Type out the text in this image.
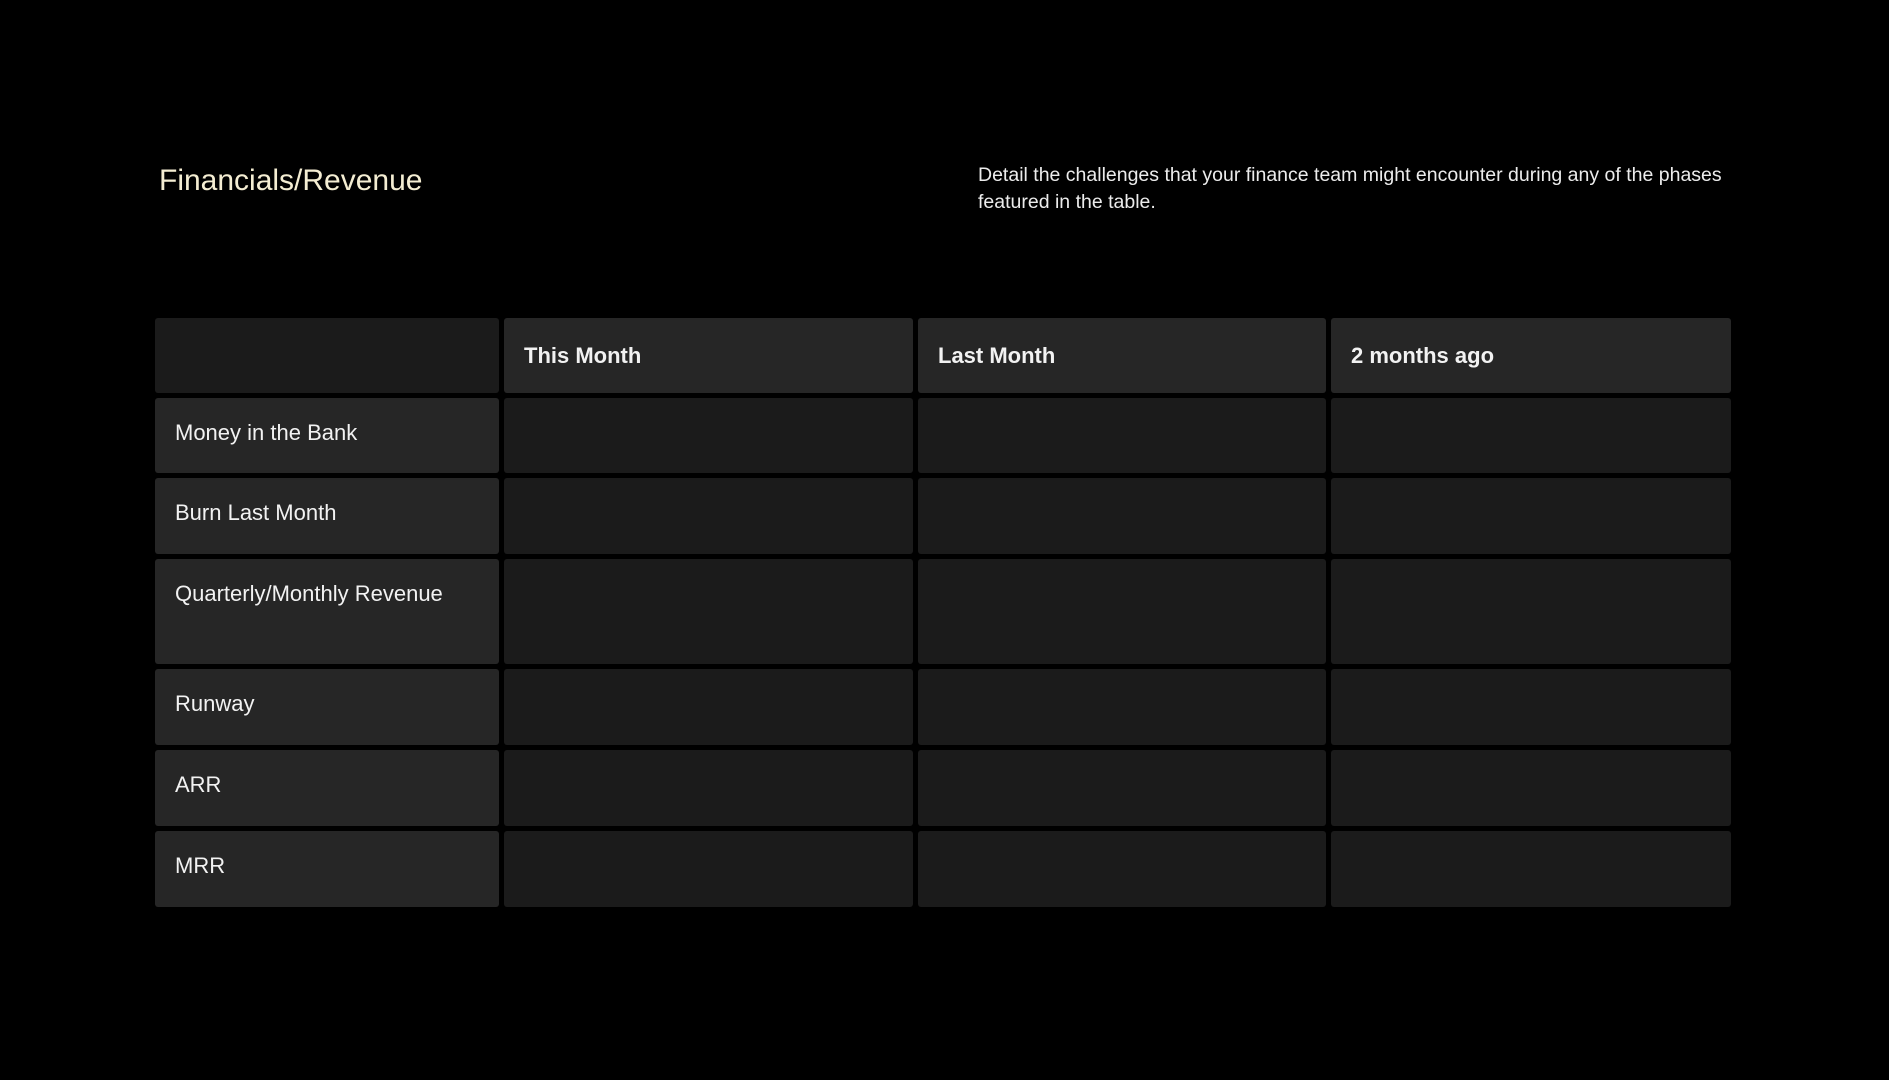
Financials/Revenue	Detail the challenges that your finance team might encounter during any of the phases featured in the table.
This Month	Last Month	2 months ago
Money in the Bank
Burn Last Month
Quarterly/Monthly Revenue
Runway
ARR
MRR
